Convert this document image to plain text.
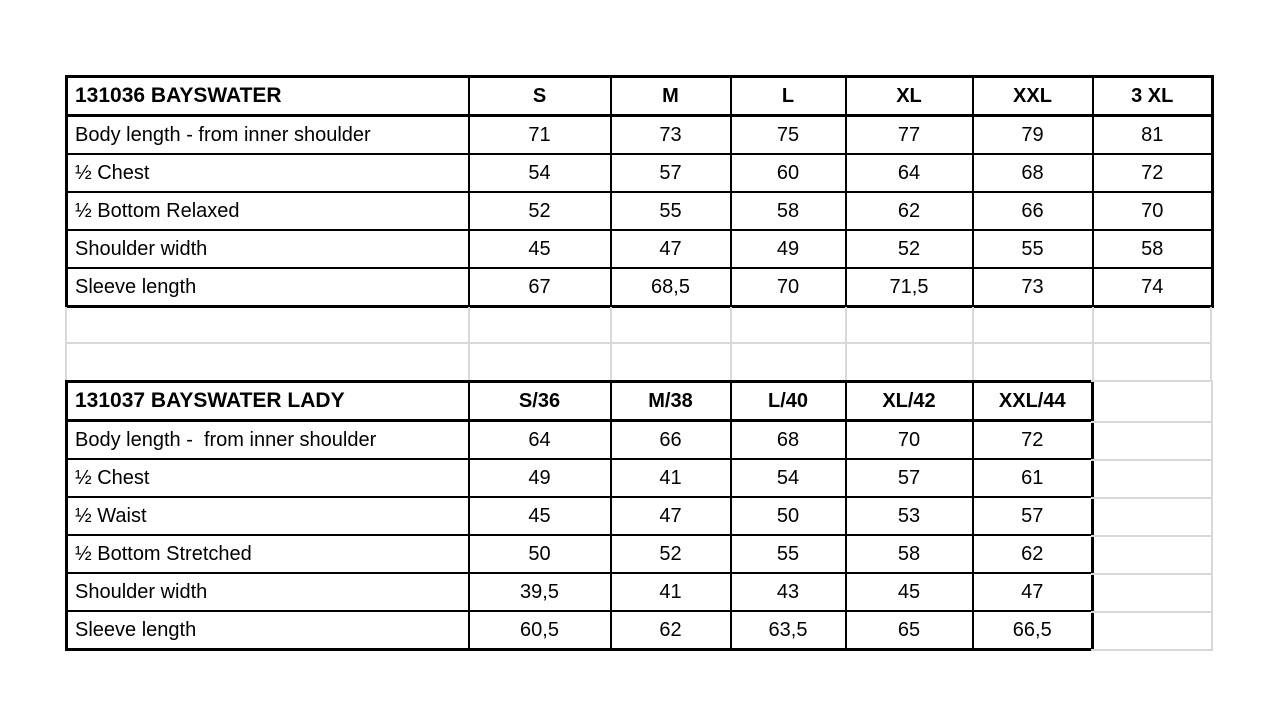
131036 BAYSWATER	S	M	L	XL	XXL	3 XL
Body length - from inner shoulder	71	73	75	77	79	81
½ Chest	54	57	60	64	68	72
½ Bottom Relaxed	52	55	58	62	66	70
Shoulder width	45	47	49	52	55	58
Sleeve length	67	68,5	70	71,5	73	74
131037 BAYSWATER LADY	S/36	M/38	L/40	XL/42	XXL/44
Body length -  from inner shoulder	64	66	68	70	72
½ Chest	49	41	54	57	61
½ Waist	45	47	50	53	57
½ Bottom Stretched	50	52	55	58	62
Shoulder width	39,5	41	43	45	47
Sleeve length	60,5	62	63,5	65	66,5
